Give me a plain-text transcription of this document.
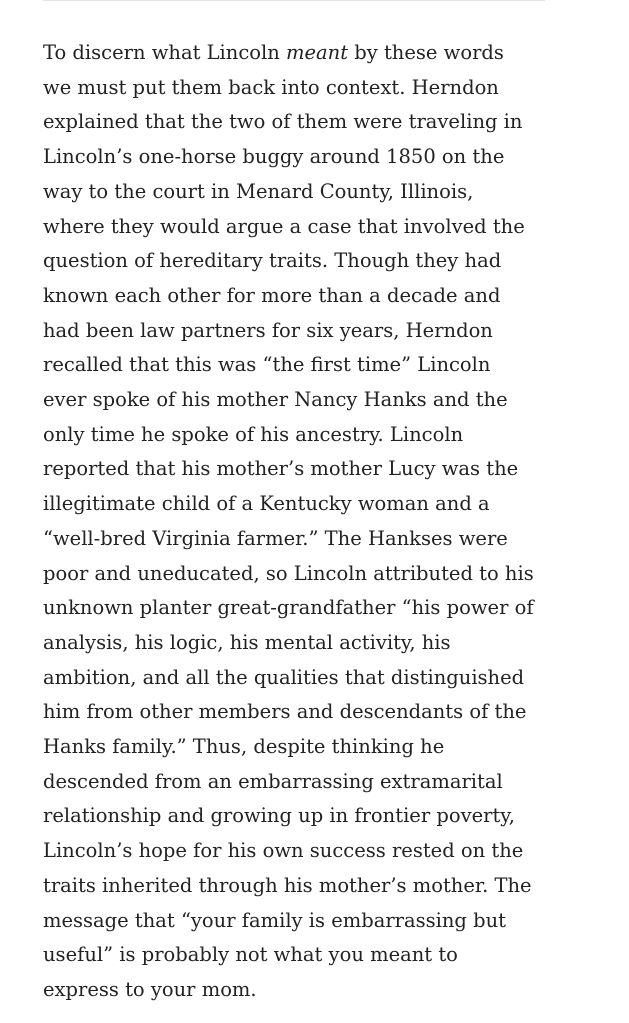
To discern what Lincoln meant by these words
we must put them back into context. Herndon
explained that the two of them were traveling in
Lincoln’s one-horse buggy around 1850 on the
way to the court in Menard County, Illinois,
where they would argue a case that involved the
question of hereditary traits. Though they had
known each other for more than a decade and
had been law partners for six years, Herndon
recalled that this was “the first time” Lincoln
ever spoke of his mother Nancy Hanks and the
only time he spoke of his ancestry. Lincoln
reported that his mother’s mother Lucy was the
illegitimate child of a Kentucky woman and a
“well-bred Virginia farmer.” The Hankses were
poor and uneducated, so Lincoln attributed to his
unknown planter great-grandfather “his power of
analysis, his logic, his mental activity, his
ambition, and all the qualities that distinguished
him from other members and descendants of the
Hanks family.” Thus, despite thinking he
descended from an embarrassing extramarital
relationship and growing up in frontier poverty,
Lincoln’s hope for his own success rested on the
traits inherited through his mother’s mother. The
message that “your family is embarrassing but
useful” is probably not what you meant to
express to your mom.
